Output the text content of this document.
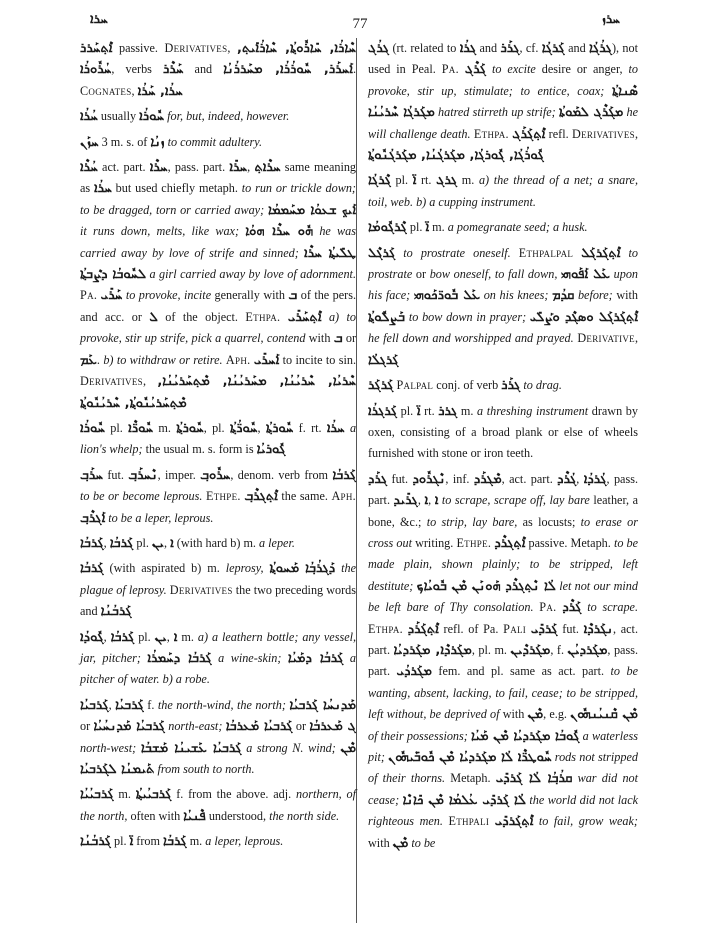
ܚܪܐ	77	ܚܪܙ

ܐܶܬ݂ܚܰܪܪ passive. Derivatives, ܚܶܐܪܳܐ, ܚܺܐܪܽܘܬ݂ܳܐ, ܚܶܐܪܳܐܺܝܬ݂, ܚܳܪܽܘܪܳܐ, verbs ܚܰܪܶܪ and ܐܰܚܪܰܪ, ܚܽܘܪܳܪܳܐ, ܡܚܰܪܪܳܢܳܐ. Cognates, ܚܪܳܐ, ܚܰܪܳܐ

ܚܳܪܳܐ usually ܚܽܘܪܳܐ for, but, indeed, however.

ܚܙܰܢ 3 m. s. of ܙܢܳܐ to commit adultery.

ܚܳܪܶܐ act. part. ܚܪܶܐ, pass. part. ܚܪܺܐ, ܚܪܶܐܬ݂ same meaning as ܚܪܳܐ but used chiefly metaph. to run or trickle down; to be dragged, torn or carried away; ܐܰܝܟ݂ ܫܥܘܳܐ ܡܚܰܡܡܳܐ it runs down, melts, like wax; ܗܽܘ ܚܪܶܐ ܗܘܳܐ he was carried away by love of strife and sinned; ܛܠܺܝܬ݂ܳܐ ܚܪܶܐ ܠܚܽܘܒܳܐ ܕܨܶܒܬ݂ܳܐ a girl carried away by love of adornment. Pa. ܚܰܪܺܝ to provoke, incite generally with ܒ of the pers. and acc. or ܠ of the object. Ethpa. ܐܶܬ݂ܚܰܪܺܝ a) to provoke, stir up strife, pick a quarrel, contend with ܒ or ܥܰܡ. b) to withdraw or retire. Aph. ܐܰܚܪܺܝ to incite to sin. Derivatives, ܚܶܪܝܳܐ, ܚܶܪܝܳܢܳܐ, ܡܚܰܪܝܳܢܳܐ, ܡܶܬ݂ܚܰܪܝܳܢܳܐ, ܡܶܬ݂ܚܰܪܝܳܢܽܘܬ݂ܳܐ, ܚܶܪܝܳܢܽܘܬ݂ܳܐ

ܚܽܘܪܳܐ pl. ܚܽܘܪ̈ܶܐ m. ܚܽܘܪܬ݂ܳܐ, pl. ܚܽܘܪ̈ܳܬ݂ܳܐ, ܚܽܘܪܬ݂ܳܐ f. rt. ܚܪܳܐ a lion's whelp; the usual m. s. form is ܓܽܘܪܝܳܐ

ܚܪܰܒ݂ fut. ܢܶܚܪܰܒ݂, imper. ܚܪܽܘܒ݂, denom. verb from ܓܰܪܒܳܐ to be or become leprous. Ethpe. ܐܶܬ݂ܓܪܶܒ݂ the same. Aph. ܐܰܓܪܶܒ݂ to be a leper, leprous.

ܓܰܪܒܳܐ, ܓܰܪܒܳܐ pl. ܝܢ, ܐ (with hard b) m. a leper.

ܓܰܪܒܳܐ (with aspirated b) m. leprosy, ܡܰܚܘܬ݂ܳܐ ܕܰܓܪܳܒ݂ܳܐ the plague of leprosy. Derivatives the two preceding words and ܓܰܪܒܳܢܳܐ

ܓܽܘܕܳܐ, ܓܰܪܒܳܐ pl. ܝܢ, ܐ m. a) a leathern bottle; any vessel, jar, pitcher; ܓܰܪܒܳܐ ܕܚܰܡܪܳܐ a wine-skin; ܓܰܪܒܳܐ ܕܡܰܝܳܐ a pitcher of water. b) a robe.

ܓܰܪܒܝܳܐ, ܓܰܪܒܝܳܐ f. the north-wind, the north; ܡܰܕܢܚܳܐ ܓܰܪܒܝܳܐ or ܓܰܪܒܝܳܐ ܡܰܕܢܚܳܝܳܐ north-east; ܓܰܪܒܝܳܐ ܡܰܥܪܒܳܐ or ܓ ܡܰܥܪܒܳܐ north-west; ܓܰܪܒܝܳܐ ܥܰܫܝܢܳܐ ܡܰܫܒܳܐ a strong N. wind; ܡܶܢ ܬܰܝܡܢܳܐ ܠܓܰܪܒܝܳܐ from south to north.

ܓܰܪܒܝܳܝܳܐ m. ܓܰܪܒܝܳܝܬ݂ܳܐ f. from the above. adj. northern, of the north, often with ܦܶܢܝܳܐ understood, the north side.

ܓܰܪܒܳܢܳܐ pl. ܐ̈ from ܓܰܪܒܳܐ m. a leper, leprous.

ܓܪܳܓ (rt. related to ܓܪܳܐ and ܓܪܰܪ, cf. ܓܰܪܓܳܐ and ܓܪܳܓܳܐ), not used in Peal. Pa. ܓܰܪܶܓ to excite desire or anger, to provoke, stir up, stimulate; to entice, coax; ܣܶܢܐܬ݂ܳܐ ܡܓܰܪܓܳܐ ܚܶܪܝܳܢܳܐ hatred stirreth up strife; ܡܓܰܪܶܓ ܠܡܰܘܬܳܐ he will challenge death. Ethpa. ܐܶܬ݂ܓܰܪܰܓ refl. Derivatives, ܓܽܘܪܳܓܳܐ, ܓܽܘܪܓܳܐ, ܡܓܰܪܓܳܢܳܐ, ܡܓܰܪܓܳܢܽܘܬ݂ܳܐ

ܓܶܪܓܳܐ pl. ܐ̈ rt. ܓܪܓ m. a) the thread of a net; a snare, toil, web. b) a cupping instrument.

ܓܶܪܓܽܘܡܳܐ pl. ܐ̈ m. a pomegranate seed; a husk.

ܓܰܪܓܶܠ to prostrate oneself. Ethpalpal ܐܶܬ݂ܓܰܪܓܰܠ to prostrate or bow oneself, to fall down, ܥܰܠ ܐܰܦܰܘܗܝ upon his face; ܥܰܠ ܒܽܘܪ̈ܟܰܘܗܝ on his knees; ܩܕܳܡ before; with ܒܰܨܠܽܘܬ݂ܳܐ to bow down in prayer; ܐܶܬ݂ܓܰܪܓܰܠ ܘܣܓܶܕ ܘܨܰܠܺܝ he fell down and worshipped and prayed. Derivative, ܓܰܪܓܠܳܐ

ܓܰܪܓܰܪ Palpal conj. of verb ܓܪܰܪ to drag.

ܓܰܪܓܪܳܐ pl. ܐ̈ rt. ܓܪܪ m. a threshing instrument drawn by oxen, consisting of a broad plank or else of wheels furnished with stone or iron teeth.

ܓܪܰܕ fut. ܢܶܓܪܽܘܕ, inf. ܡܶܓܪܰܕ, act. part. ܓܳܪܶܕ, ܓܳܪܕܳܐ, pass. part. ܓܪܺܝܕ, ܐ, ܐ to scrape, scrape off, lay bare leather, a bone, &c.; to strip, lay bare, as locusts; to erase or cross out writing. Ethpe. ܐܶܬ݂ܓܪܶܕ passive. Metaph. to be made plain, shown plainly; to be stripped, left destitute; ܠܳܐ ܢܶܬ݂ܓܪܶܕ ܗܰܘܢܰܢ ܡܶܢ ܒܽܘܝܳܐܟ݂ let not our mind be left bare of Thy consolation. Pa. ܓܰܪܶܕ to scrape. Ethpa. ܐܶܬ݂ܓܰܪܰܕ refl. of Pa. Pali ܓܰܪܕܺܝ fut. ܢܓܰܪܕܶܐ, act. part. ܡܓܰܪܕܶܐ, ܡܓܰܪܕܝܳܐ, pl. m. ܡܓܰܪܕܶܝܢ, f. ܡܓܰܪܕܝܳܢ, pass. part. ܡܓܰܪܕܳܝ fem. and pl. same as act. part. to be wanting, absent, lacking, to fail, cease; to be stripped, left without, be deprived of with ܡܶܢ, e.g. ܡܶܢ ܩܶܢܝܳܢܗܽܘܢ of their possessions; ܓܽܘܒܳܐ ܡܓܰܪܕܝܳܐ ܡܶܢ ܡܰܝܳܐ a waterless pit; ܚܽܘܛܪ̈ܶܐ ܠܳܐ ܡܓܰܪܕܝܳܐ ܡܶܢ ܟܽܘܒ̈ܰܝܗܽܘܢ rods not stripped of their thorns. Metaph. ܩܪܳܒ݂ܳܐ ܠܳܐ ܓܰܪܕܺܝ war did not cease; ܠܳܐ ܓܰܪܕܺܝ ܥܳܠܡܳܐ ܡܶܢ ܟܺܐܢܶܐ the world did not lack righteous men. Ethpali ܐܶܬ݂ܓܰܪܕܺܝ to fail, grow weak; with ܡܶܢ to be
